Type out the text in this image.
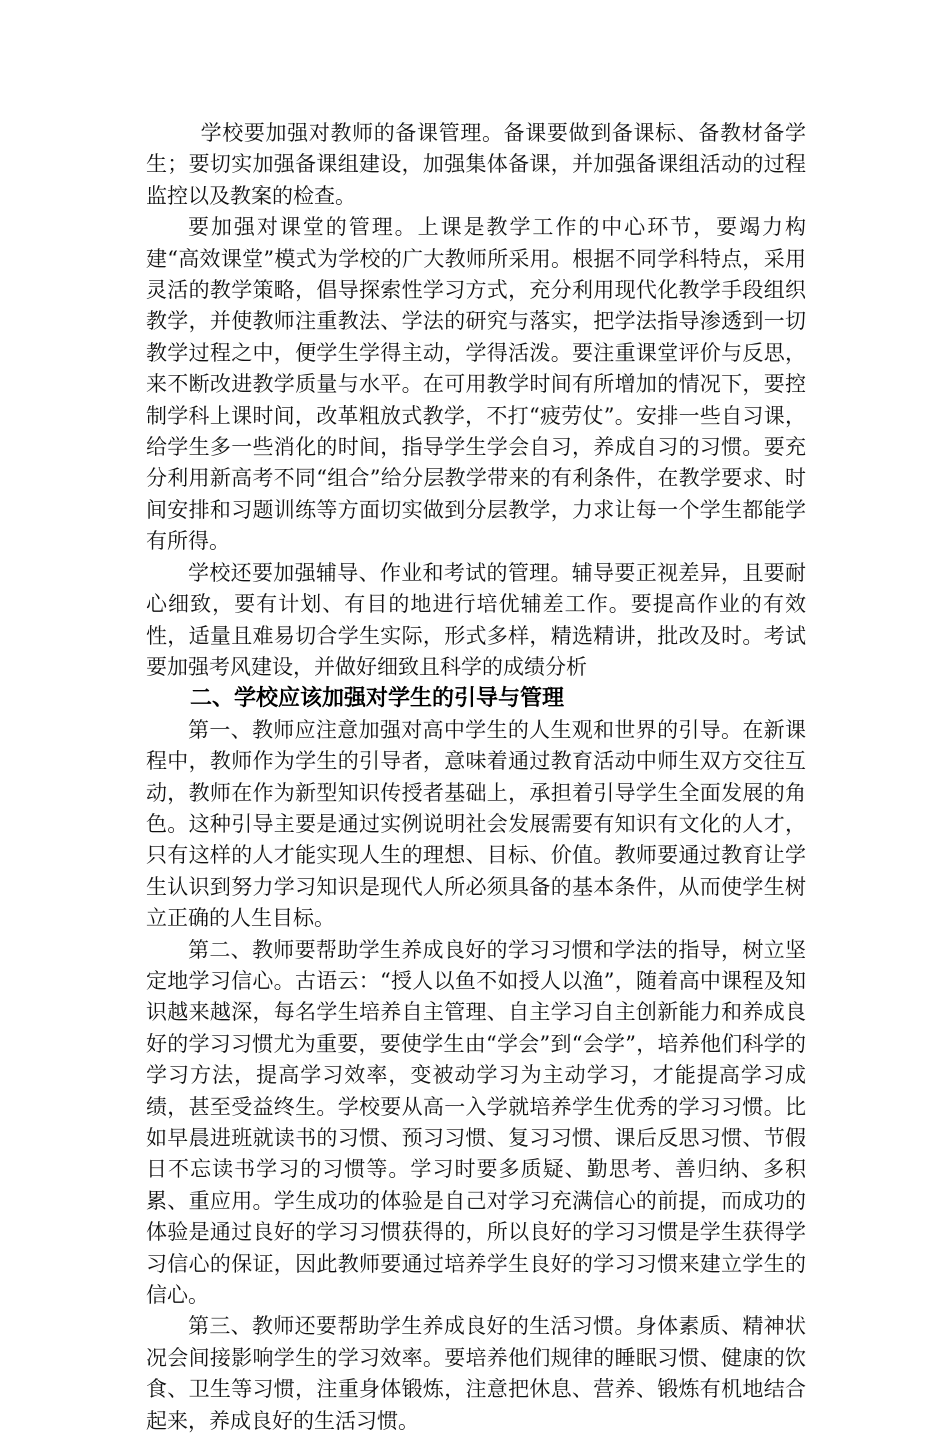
学校要加强对教师的备课管理。备课要做到备课标、备教材备学生；要切实加强备课组建设，加强集体备课，并加强备课组活动的过程监控以及教案的检查。

要加强对课堂的管理。上课是教学工作的中心环节，要竭力构建“高效课堂”模式为学校的广大教师所采用。根据不同学科特点，采用灵活的教学策略，倡导探索性学习方式，充分利用现代化教学手段组织教学，并使教师注重教法、学法的研究与落实，把学法指导渗透到一切教学过程之中，便学生学得主动，学得活泼。要注重课堂评价与反思，来不断改进教学质量与水平。在可用教学时间有所增加的情况下，要控制学科上课时间，改革粗放式教学，不打“疲劳仗”。安排一些自习课，给学生多一些消化的时间，指导学生学会自习，养成自习的习惯。要充分利用新高考不同“组合”给分层教学带来的有利条件，在教学要求、时间安排和习题训练等方面切实做到分层教学，力求让每一个学生都能学有所得。

学校还要加强辅导、作业和考试的管理。辅导要正视差异，且要耐心细致，要有计划、有目的地进行培优辅差工作。要提高作业的有效性，适量且难易切合学生实际，形式多样，精选精讲，批改及时。考试要加强考风建设，并做好细致且科学的成绩分析

二、学校应该加强对学生的引导与管理

第一、教师应注意加强对高中学生的人生观和世界的引导。在新课程中，教师作为学生的引导者，意味着通过教育活动中师生双方交往互动，教师在作为新型知识传授者基础上，承担着引导学生全面发展的角色。这种引导主要是通过实例说明社会发展需要有知识有文化的人才，只有这样的人才能实现人生的理想、目标、价值。教师要通过教育让学生认识到努力学习知识是现代人所必须具备的基本条件，从而使学生树立正确的人生目标。

第二、教师要帮助学生养成良好的学习习惯和学法的指导，树立坚定地学习信心。古语云：“授人以鱼不如授人以渔”，随着高中课程及知识越来越深，每名学生培养自主管理、自主学习自主创新能力和养成良好的学习习惯尤为重要，要使学生由“学会”到“会学”，培养他们科学的学习方法，提高学习效率，变被动学习为主动学习，才能提高学习成绩，甚至受益终生。学校要从高一入学就培养学生优秀的学习习惯。比如早晨进班就读书的习惯、预习习惯、复习习惯、课后反思习惯、节假日不忘读书学习的习惯等。学习时要多质疑、勤思考、善归纳、多积累、重应用。学生成功的体验是自己对学习充满信心的前提，而成功的体验是通过良好的学习习惯获得的，所以良好的学习习惯是学生获得学习信心的保证，因此教师要通过培养学生良好的学习习惯来建立学生的信心。

第三、教师还要帮助学生养成良好的生活习惯。身体素质、精神状况会间接影响学生的学习效率。要培养他们规律的睡眠习惯、健康的饮食、卫生等习惯，注重身体锻炼，注意把休息、营养、锻炼有机地结合起来，养成良好的生活习惯。
